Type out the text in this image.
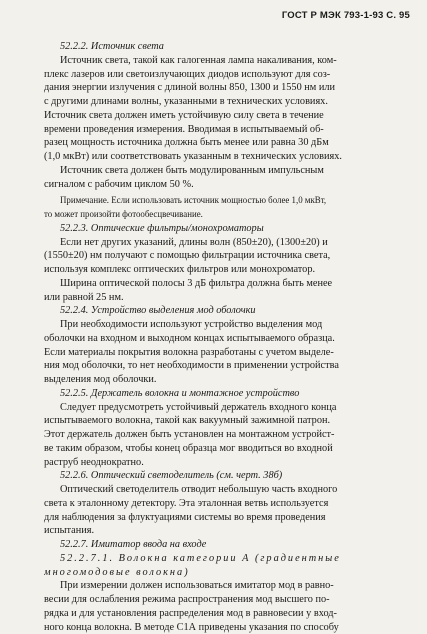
ГОСТ Р МЭК 793-1-93 С. 95
52.2.2. Источник света
Источник света, такой как галогенная лампа накаливания, ком-
плекс лазеров или светоизлучающих диодов используют для соз-
дания энергии излучения с длиной волны 850, 1300 и 1550 нм или
с другими длинами волны, указанными в технических условиях.
Источник света должен иметь устойчивую силу света в течение
времени проведения измерения. Вводимая в испытываемый об-
разец мощность источника должна быть менее или равна 30 дБм
(1,0 мкВт) или соответствовать указанным в технических условиях.
Источник света должен быть модулированным импульсным
сигналом с рабочим циклом 50 %.
Примечание. Если использовать источник мощностью более 1,0 мкВт,
то может произойти фотообесцвечивание.
52.2.3. Оптические фильтры/монохроматоры
Если нет других указаний, длины волн (850±20), (1300±20) и
(1550±20) нм получают с помощью фильтрации источника света,
используя комплекс оптических фильтров или монохроматор.
Ширина оптической полосы 3 дБ фильтра должна быть менее
или равной 25 нм.
52.2.4. Устройство выделения мод оболочки
При необходимости используют устройство выделения мод
оболочки на входном и выходном концах испытываемого образца.
Если материалы покрытия волокна разработаны с учетом выделе-
ния мод оболочки, то нет необходимости в применении устройства
выделения мод оболочки.
52.2.5. Держатель волокна и монтажное устройство
Следует предусмотреть устойчивый держатель входного конца
испытываемого волокна, такой как вакуумный зажимной патрон.
Этот держатель должен быть установлен на монтажном устройст-
ве таким образом, чтобы конец образца мог вводиться во входной
раструб неоднократно.
52.2.6. Оптический светоделитель (см. черт. 38б)
Оптический светоделитель отводит небольшую часть входного
света к эталонному детектору. Эта эталонная ветвь используется
для наблюдения за флуктуациями системы во время проведения
испытания.
52.2.7. Имитатор ввода на входе
52.2.7.1. Волокна категории А (градиентные
многомодовые волокна)
При измерении должен использоваться имитатор мод в равно-
весии для ослабления режима распространения мод высшего по-
рядка и для установления распределения мод в равновесии у вход-
ного конца волокна. В методе С1А приведены указания по способу
